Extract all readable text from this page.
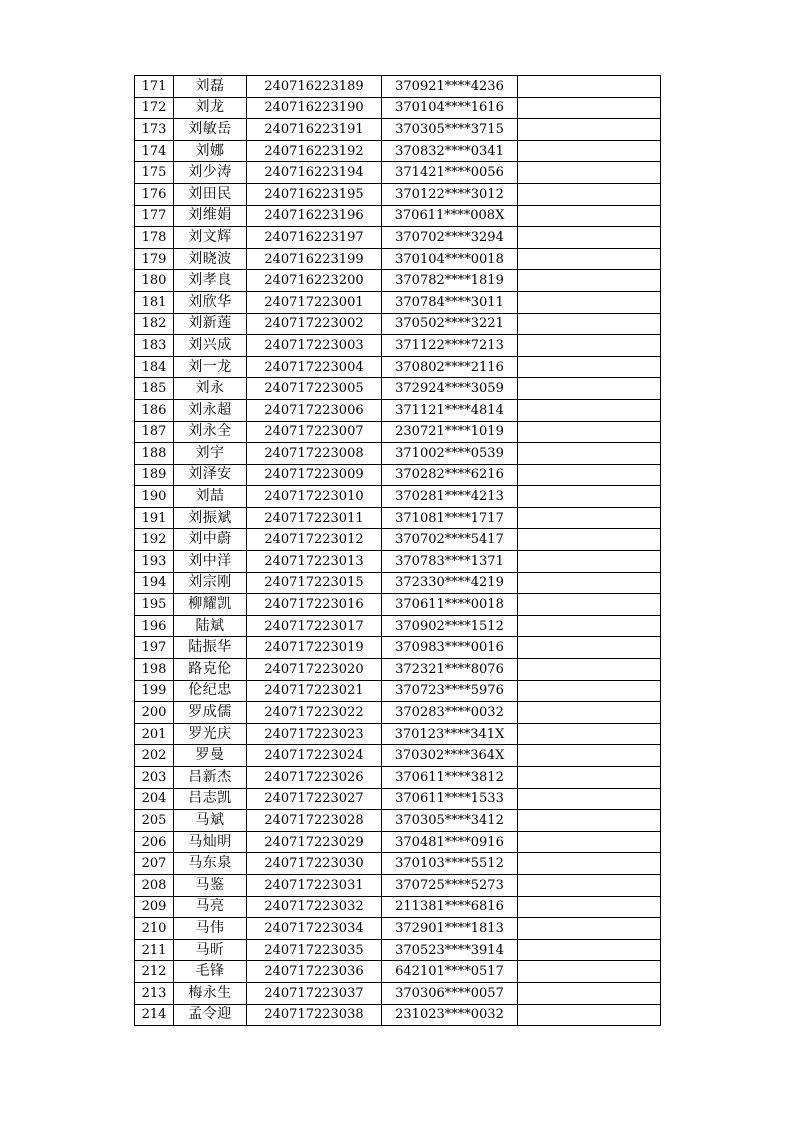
171	刘磊	240716223189	370921****4236	
172	刘龙	240716223190	370104****1616	
173	刘敏岳	240716223191	370305****3715	
174	刘娜	240716223192	370832****0341	
175	刘少涛	240716223194	371421****0056	
176	刘田民	240716223195	370122****3012	
177	刘维娟	240716223196	370611****008X	
178	刘文辉	240716223197	370702****3294	
179	刘晓波	240716223199	370104****0018	
180	刘孝良	240716223200	370782****1819	
181	刘欣华	240717223001	370784****3011	
182	刘新莲	240717223002	370502****3221	
183	刘兴成	240717223003	371122****7213	
184	刘一龙	240717223004	370802****2116	
185	刘永	240717223005	372924****3059	
186	刘永超	240717223006	371121****4814	
187	刘永全	240717223007	230721****1019	
188	刘宇	240717223008	371002****0539	
189	刘泽安	240717223009	370282****6216	
190	刘喆	240717223010	370281****4213	
191	刘振斌	240717223011	371081****1717	
192	刘中蔚	240717223012	370702****5417	
193	刘中洋	240717223013	370783****1371	
194	刘宗刚	240717223015	372330****4219	
195	柳耀凯	240717223016	370611****0018	
196	陆斌	240717223017	370902****1512	
197	陆振华	240717223019	370983****0016	
198	路克伦	240717223020	372321****8076	
199	伦纪忠	240717223021	370723****5976	
200	罗成儒	240717223022	370283****0032	
201	罗光庆	240717223023	370123****341X	
202	罗曼	240717223024	370302****364X	
203	吕新杰	240717223026	370611****3812	
204	吕志凯	240717223027	370611****1533	
205	马斌	240717223028	370305****3412	
206	马灿明	240717223029	370481****0916	
207	马东泉	240717223030	370103****5512	
208	马鉴	240717223031	370725****5273	
209	马亮	240717223032	211381****6816	
210	马伟	240717223034	372901****1813	
211	马昕	240717223035	370523****3914	
212	毛锋	240717223036	642101****0517	
213	梅永生	240717223037	370306****0057	
214	孟令迎	240717223038	231023****0032	
